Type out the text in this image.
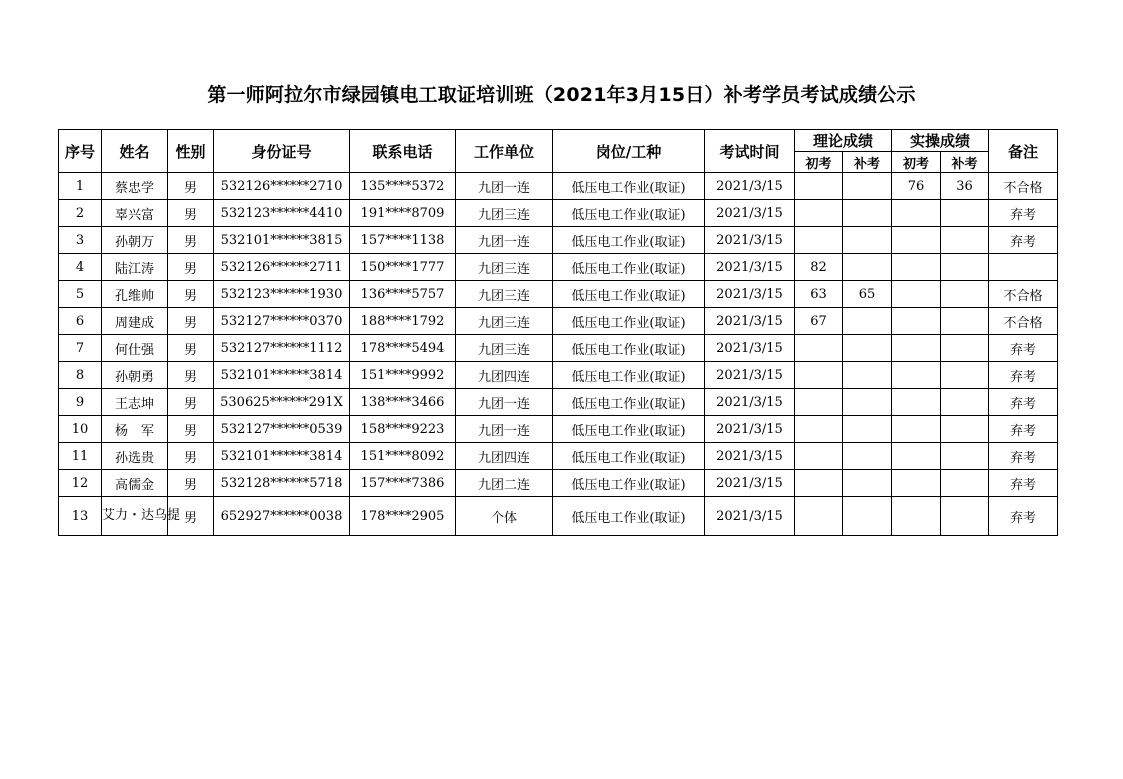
第一师阿拉尔市绿园镇电工取证培训班（2021年3月15日）补考学员考试成绩公示
序号	姓名	性别	身份证号	联系电话	工作单位	岗位/工种	考试时间	理论成绩		实操成绩		备注
								初考	补考	初考	补考	
1	蔡忠学	男	532126******2710	135****5372	九团一连	低压电工作业(取证)	2021/3/15			76	36	不合格
2	辜兴富	男	532123******4410	191****8709	九团三连	低压电工作业(取证)	2021/3/15					弃考
3	孙朝万	男	532101******3815	157****1138	九团一连	低压电工作业(取证)	2021/3/15					弃考
4	陆江涛	男	532126******2711	150****1777	九团三连	低压电工作业(取证)	2021/3/15	82				
5	孔维帅	男	532123******1930	136****5757	九团三连	低压电工作业(取证)	2021/3/15	63	65			不合格
6	周建成	男	532127******0370	188****1792	九团三连	低压电工作业(取证)	2021/3/15	67				不合格
7	何仕强	男	532127******1112	178****5494	九团三连	低压电工作业(取证)	2021/3/15					弃考
8	孙朝勇	男	532101******3814	151****9992	九团四连	低压电工作业(取证)	2021/3/15					弃考
9	王志坤	男	530625******291X	138****3466	九团一连	低压电工作业(取证)	2021/3/15					弃考
10	杨　军	男	532127******0539	158****9223	九团一连	低压电工作业(取证)	2021/3/15					弃考
11	孙选贵	男	532101******3814	151****8092	九团四连	低压电工作业(取证)	2021/3/15					弃考
12	高儒金	男	532128******5718	157****7386	九团二连	低压电工作业(取证)	2021/3/15					弃考
13	艾力・达乌提	男	652927******0038	178****2905	个体	低压电工作业(取证)	2021/3/15					弃考
